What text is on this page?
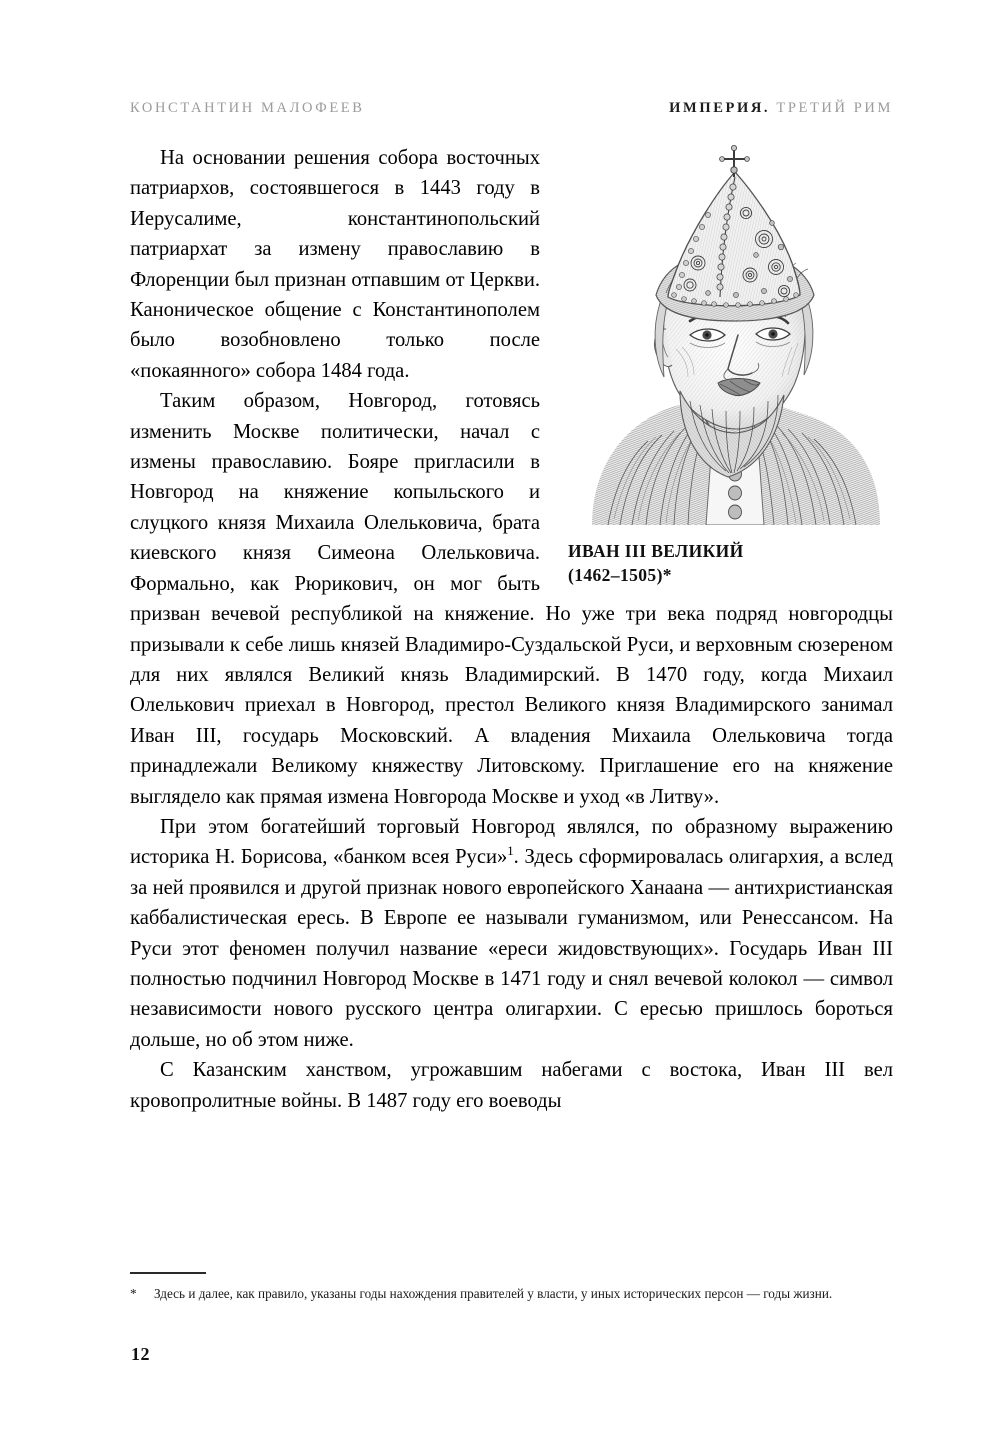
КОНСТАНТИН МАЛОФЕЕВ	ИМПЕРИЯ. ТРЕТИЙ РИМ
ИВАН III ВЕЛИКИЙ
(1462–1505)*

На основании решения собора восточных патриархов, состоявшегося в 1443 году в Иерусалиме, константинопольский патриархат за измену православию в Флоренции был признан отпавшим от Церкви. Каноническое общение с Константинополем было возобновлено только после «покаянного» собора 1484 года.

Таким образом, Новгород, готовясь изменить Москве политически, начал с измены православию. Бояре пригласили в Новгород на княжение копыльского и слуцкого князя Михаила Олельковича, брата киевского князя Симеона Олельковича. Формально, как Рюрикович, он мог быть призван вечевой республикой на княжение. Но уже три века подряд новгородцы призывали к себе лишь князей Владимиро-Суздальской Руси, и верховным сюзереном для них являлся Великий князь Владимирский. В 1470 году, когда Михаил Олелькович приехал в Новгород, престол Великого князя Владимирского занимал Иван III, государь Московский. А владения Михаила Олельковича тогда принадлежали Великому княжеству Литовскому. Приглашение его на княжение выглядело как прямая измена Новгорода Москве и уход «в Литву».

При этом богатейший торговый Новгород являлся, по образному выражению историка Н. Борисова, «банком всея Руси»$^1$. Здесь сформировалась олигархия, а вслед за ней проявился и другой признак нового европейского Ханаана — антихристианская каббалистическая ересь. В Европе ее называли гуманизмом, или Ренессансом. На Руси этот феномен получил название «ереси жидовствующих». Государь Иван III полностью подчинил Новгород Москве в 1471 году и снял вечевой колокол — символ независимости нового русского центра олигархии. С ересью пришлось бороться дольше, но об этом ниже.

С Казанским ханством, угрожавшим набегами с востока, Иван III вел кровопролитные войны. В 1487 году его воеводы

*	Здесь и далее, как правило, указаны годы нахождения правителей у власти, у иных исторических персон — годы жизни.
12
